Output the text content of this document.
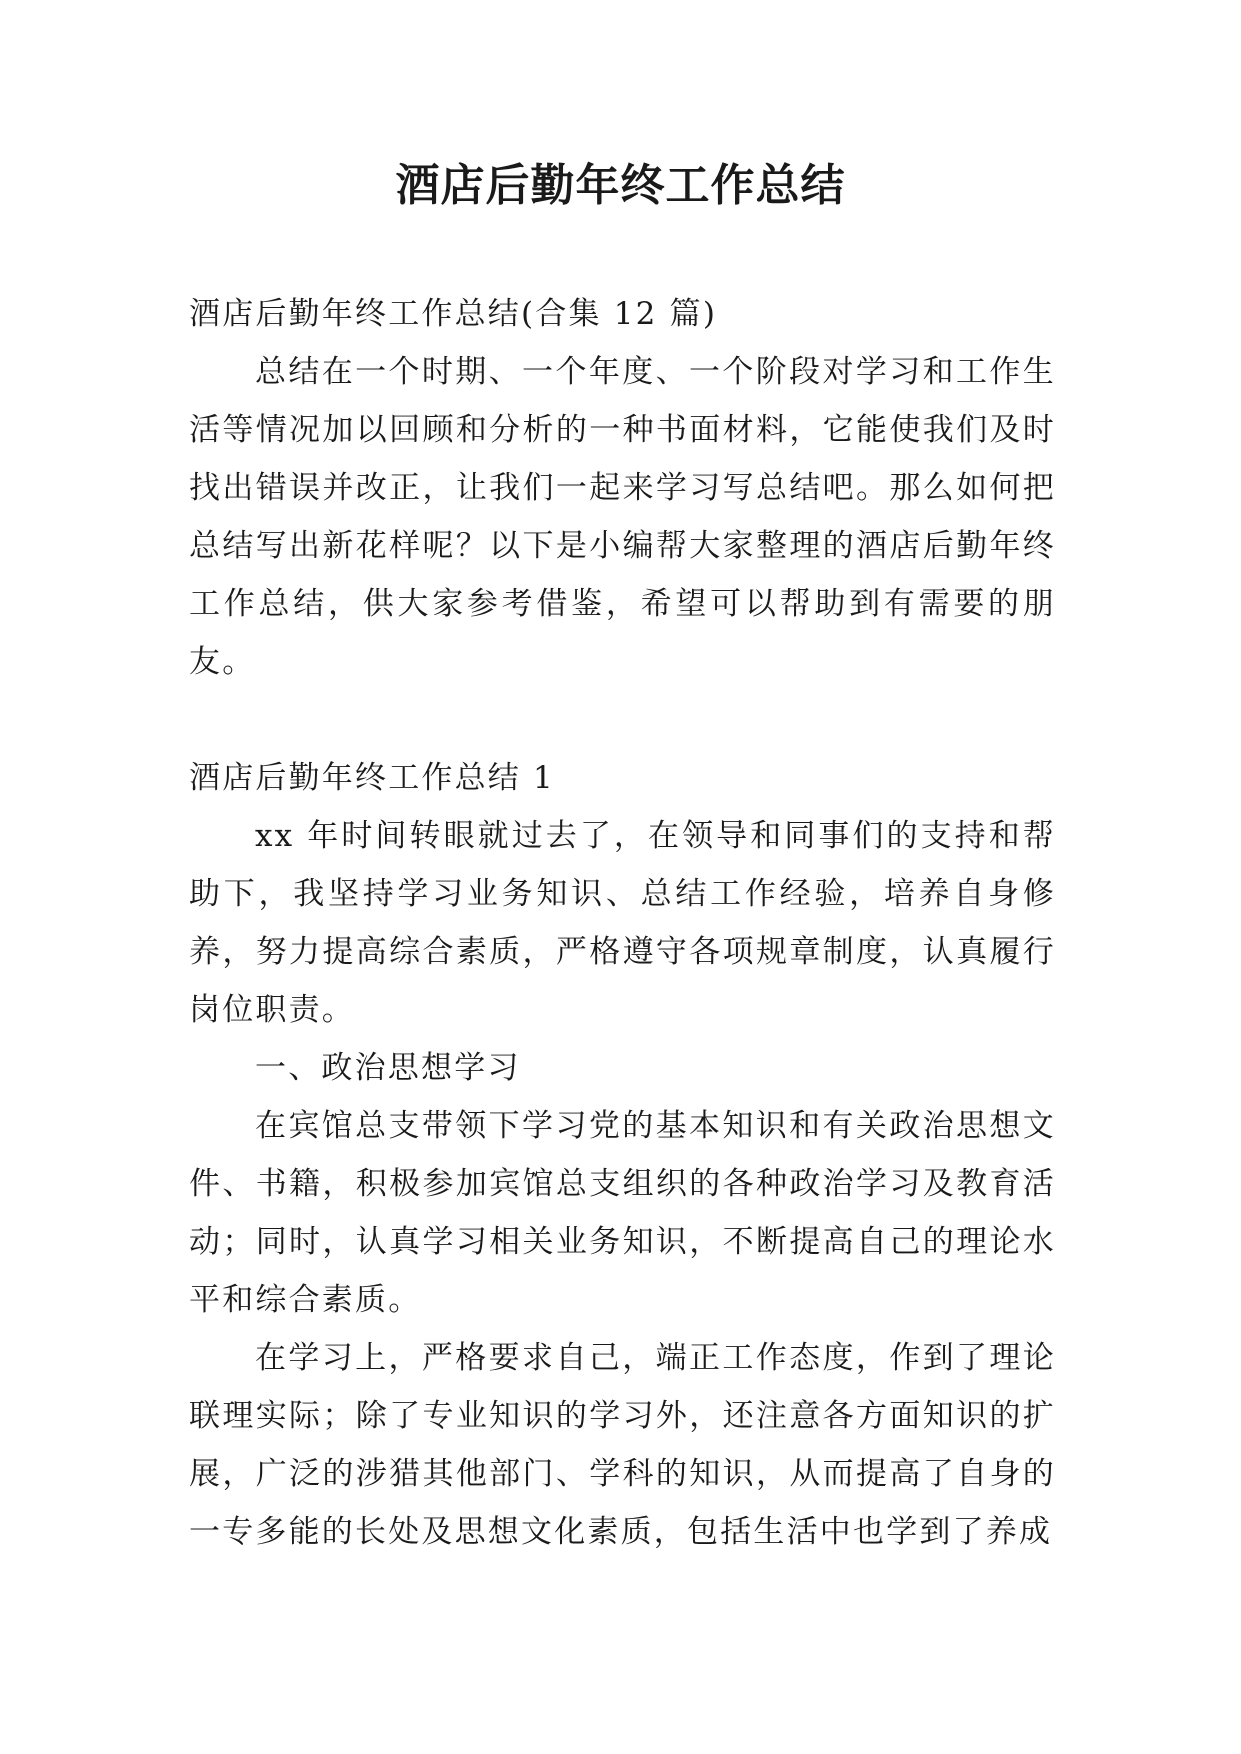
酒店后勤年终工作总结

酒店后勤年终工作总结(合集 12 篇)

总结在一个时期、一个年度、一个阶段对学习和工作生活等情况加以回顾和分析的一种书面材料，它能使我们及时找出错误并改正，让我们一起来学习写总结吧。那么如何把总结写出新花样呢？以下是小编帮大家整理的酒店后勤年终工作总结，供大家参考借鉴，希望可以帮助到有需要的朋友。

酒店后勤年终工作总结 1

xx 年时间转眼就过去了，在领导和同事们的支持和帮助下，我坚持学习业务知识、总结工作经验，培养自身修养，努力提高综合素质，严格遵守各项规章制度，认真履行岗位职责。

一、政治思想学习

在宾馆总支带领下学习党的基本知识和有关政治思想文件、书籍，积极参加宾馆总支组织的各种政治学习及教育活动；同时，认真学习相关业务知识，不断提高自己的理论水平和综合素质。

在学习上，严格要求自己，端正工作态度，作到了理论联理实际；除了专业知识的学习外，还注意各方面知识的扩展，广泛的涉猎其他部门、学科的知识，从而提高了自身的一专多能的长处及思想文化素质，包括生活中也学到了养成
